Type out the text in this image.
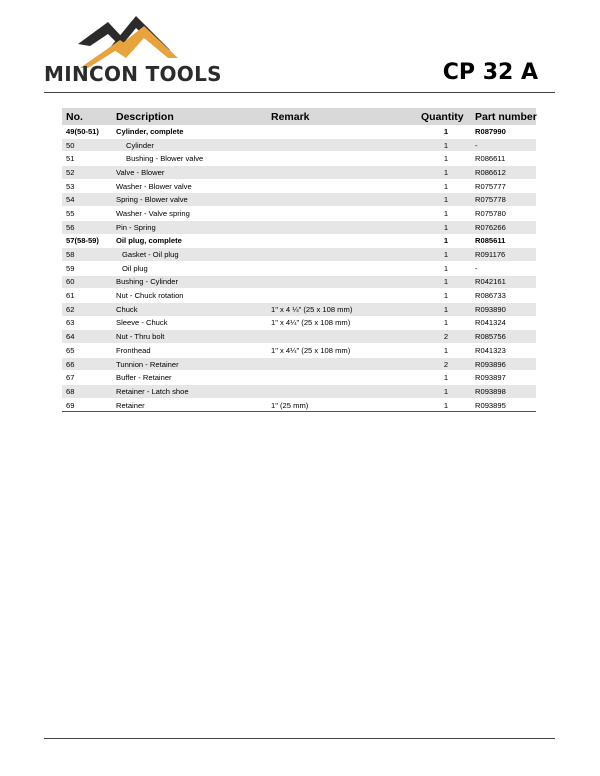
MINCON TOOLS	CP 32 A
No.	Description	Remark	Quantity	Part number
49(50-51)	Cylinder, complete		1	R087990
50	Cylinder		1	-
51	Bushing - Blower valve		1	R086611
52	Valve - Blower		1	R086612
53	Washer - Blower valve		1	R075777
54	Spring - Blower valve		1	R075778
55	Washer - Valve spring		1	R075780
56	Pin - Spring		1	R076266
57(58-59)	Oil plug, complete		1	R085611
58	Gasket - Oil plug		1	R091176
59	Oil plug		1	-
60	Bushing - Cylinder		1	R042161
61	Nut - Chuck rotation		1	R086733
62	Chuck	1" x 4 ¼" (25 x 108 mm)	1	R093890
63	Sleeve - Chuck	1" x 4¼" (25 x 108 mm)	1	R041324
64	Nut - Thru bolt		2	R085756
65	Fronthead	1" x 4¼" (25 x 108 mm)	1	R041323
66	Tunnion - Retainer		2	R093896
67	Buffer - Retainer		1	R093897
68	Retainer - Latch shoe		1	R093898
69	Retainer	1" (25 mm)	1	R093895
